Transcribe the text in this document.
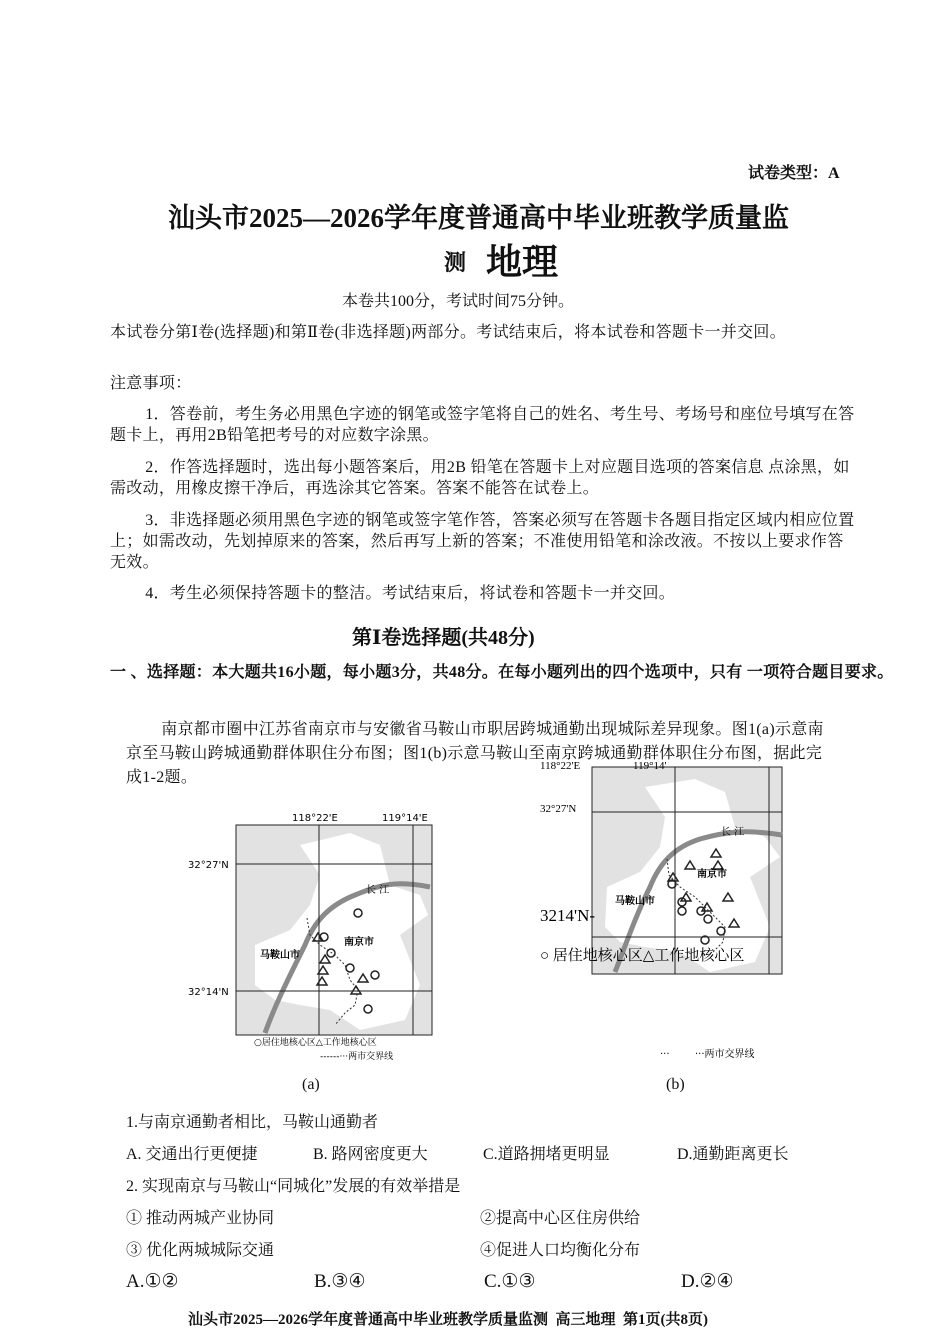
试卷类型：A
汕头市2025—2026学年度普通高中毕业班教学质量监
测 地理
本卷共100分，考试时间75分钟。
本试卷分第Ⅰ卷(选择题)和第Ⅱ卷(非选择题)两部分。考试结束后，将本试卷和答题卡一并交回。
注意事项：
1．答卷前，考生务必用黑色字迹的钢笔或签字笔将自己的姓名、考生号、考场号和座位号填写在答题卡上，再用2B铅笔把考号的对应数字涂黑。
2．作答选择题时，选出每小题答案后，用2B 铅笔在答题卡上对应题目选项的答案信息 点涂黑，如需改动，用橡皮擦干净后，再选涂其它答案。答案不能答在试卷上。
3．非选择题必须用黑色字迹的钢笔或签字笔作答，答案必须写在答题卡各题目指定区域内相应位置上；如需改动，先划掉原来的答案，然后再写上新的答案；不准使用铅笔和涂改液。不按以上要求作答无效。
4．考生必须保持答题卡的整洁。考试结束后，将试卷和答题卡一并交回。
第Ⅰ卷选择题(共48分)
一 、选择题：本大题共16小题，每小题3分，共48分。在每小题列出的四个选项中，只有 一项符合题目要求。
南京都市圈中江苏省南京市与安徽省马鞍山市职居跨城通勤出现城际差异现象。图1(a)示意南京至马鞍山跨城通勤群体职住分布图；图1(b)示意马鞍山至南京跨城通勤群体职住分布图，据此完成1-2题。
118°22'E	119°14'E
32°27'N
32°14'N
长 江
南京市
马鞍山市
○居住地核心区△工作地核心区
------···两市交界线
118°22'E	119°14'
32°27'N
3214'N-
长 江
南京市
马鞍山市
○ 居住地核心区△工作地核心区
···	···两市交界线
(a)	(b)
1.与南京通勤者相比，马鞍山通勤者
A. 交通出行更便捷	B. 路网密度更大	C.道路拥堵更明显	D.通勤距离更长
2. 实现南京与马鞍山“同城化”发展的有效举措是
① 推动两城产业协同	②提高中心区住房供给
③ 优化两城城际交通	④促进人口均衡化分布
A.①②	B.③④	C.①③	D.②④
汕头市2025—2026学年度普通高中毕业班教学质量监测  高三地理  第1页(共8页)
